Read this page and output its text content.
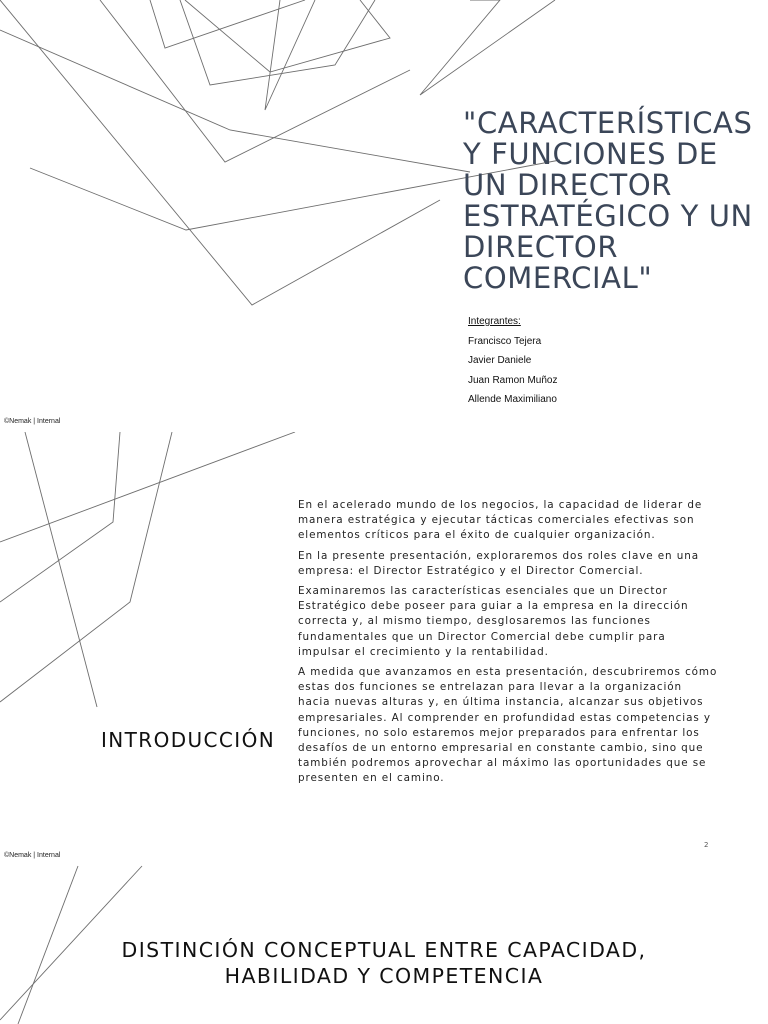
"CARACTERÍSTICAS Y FUNCIONES DE UN DIRECTOR ESTRATÉGICO Y UN DIRECTOR COMERCIAL"
Integrantes:
Francisco Tejera
Javier Daniele
Juan Ramon Muñoz
Allende Maximiliano
©Nemak | Internal

En el acelerado mundo de los negocios, la capacidad de liderar de manera estratégica y ejecutar tácticas comerciales efectivas son elementos críticos para el éxito de cualquier organización.

En la presente presentación, exploraremos dos roles clave en una empresa: el Director Estratégico y el Director Comercial.

Examinaremos las características esenciales que un Director Estratégico debe poseer para guiar a la empresa en la dirección correcta y, al mismo tiempo, desglosaremos las funciones fundamentales que un Director Comercial debe cumplir para impulsar el crecimiento y la rentabilidad.

A medida que avanzamos en esta presentación, descubriremos cómo estas dos funciones se entrelazan para llevar a la organización hacia nuevas alturas y, en última instancia, alcanzar sus objetivos empresariales. Al comprender en profundidad estas competencias y funciones, no solo estaremos mejor preparados para enfrentar los desafíos de un entorno empresarial en constante cambio, sino que también podremos aprovechar al máximo las oportunidades que se presenten en el camino.

INTRODUCCIÓN
2
©Nemak | Internal
DISTINCIÓN CONCEPTUAL ENTRE CAPACIDAD, HABILIDAD Y COMPETENCIA
